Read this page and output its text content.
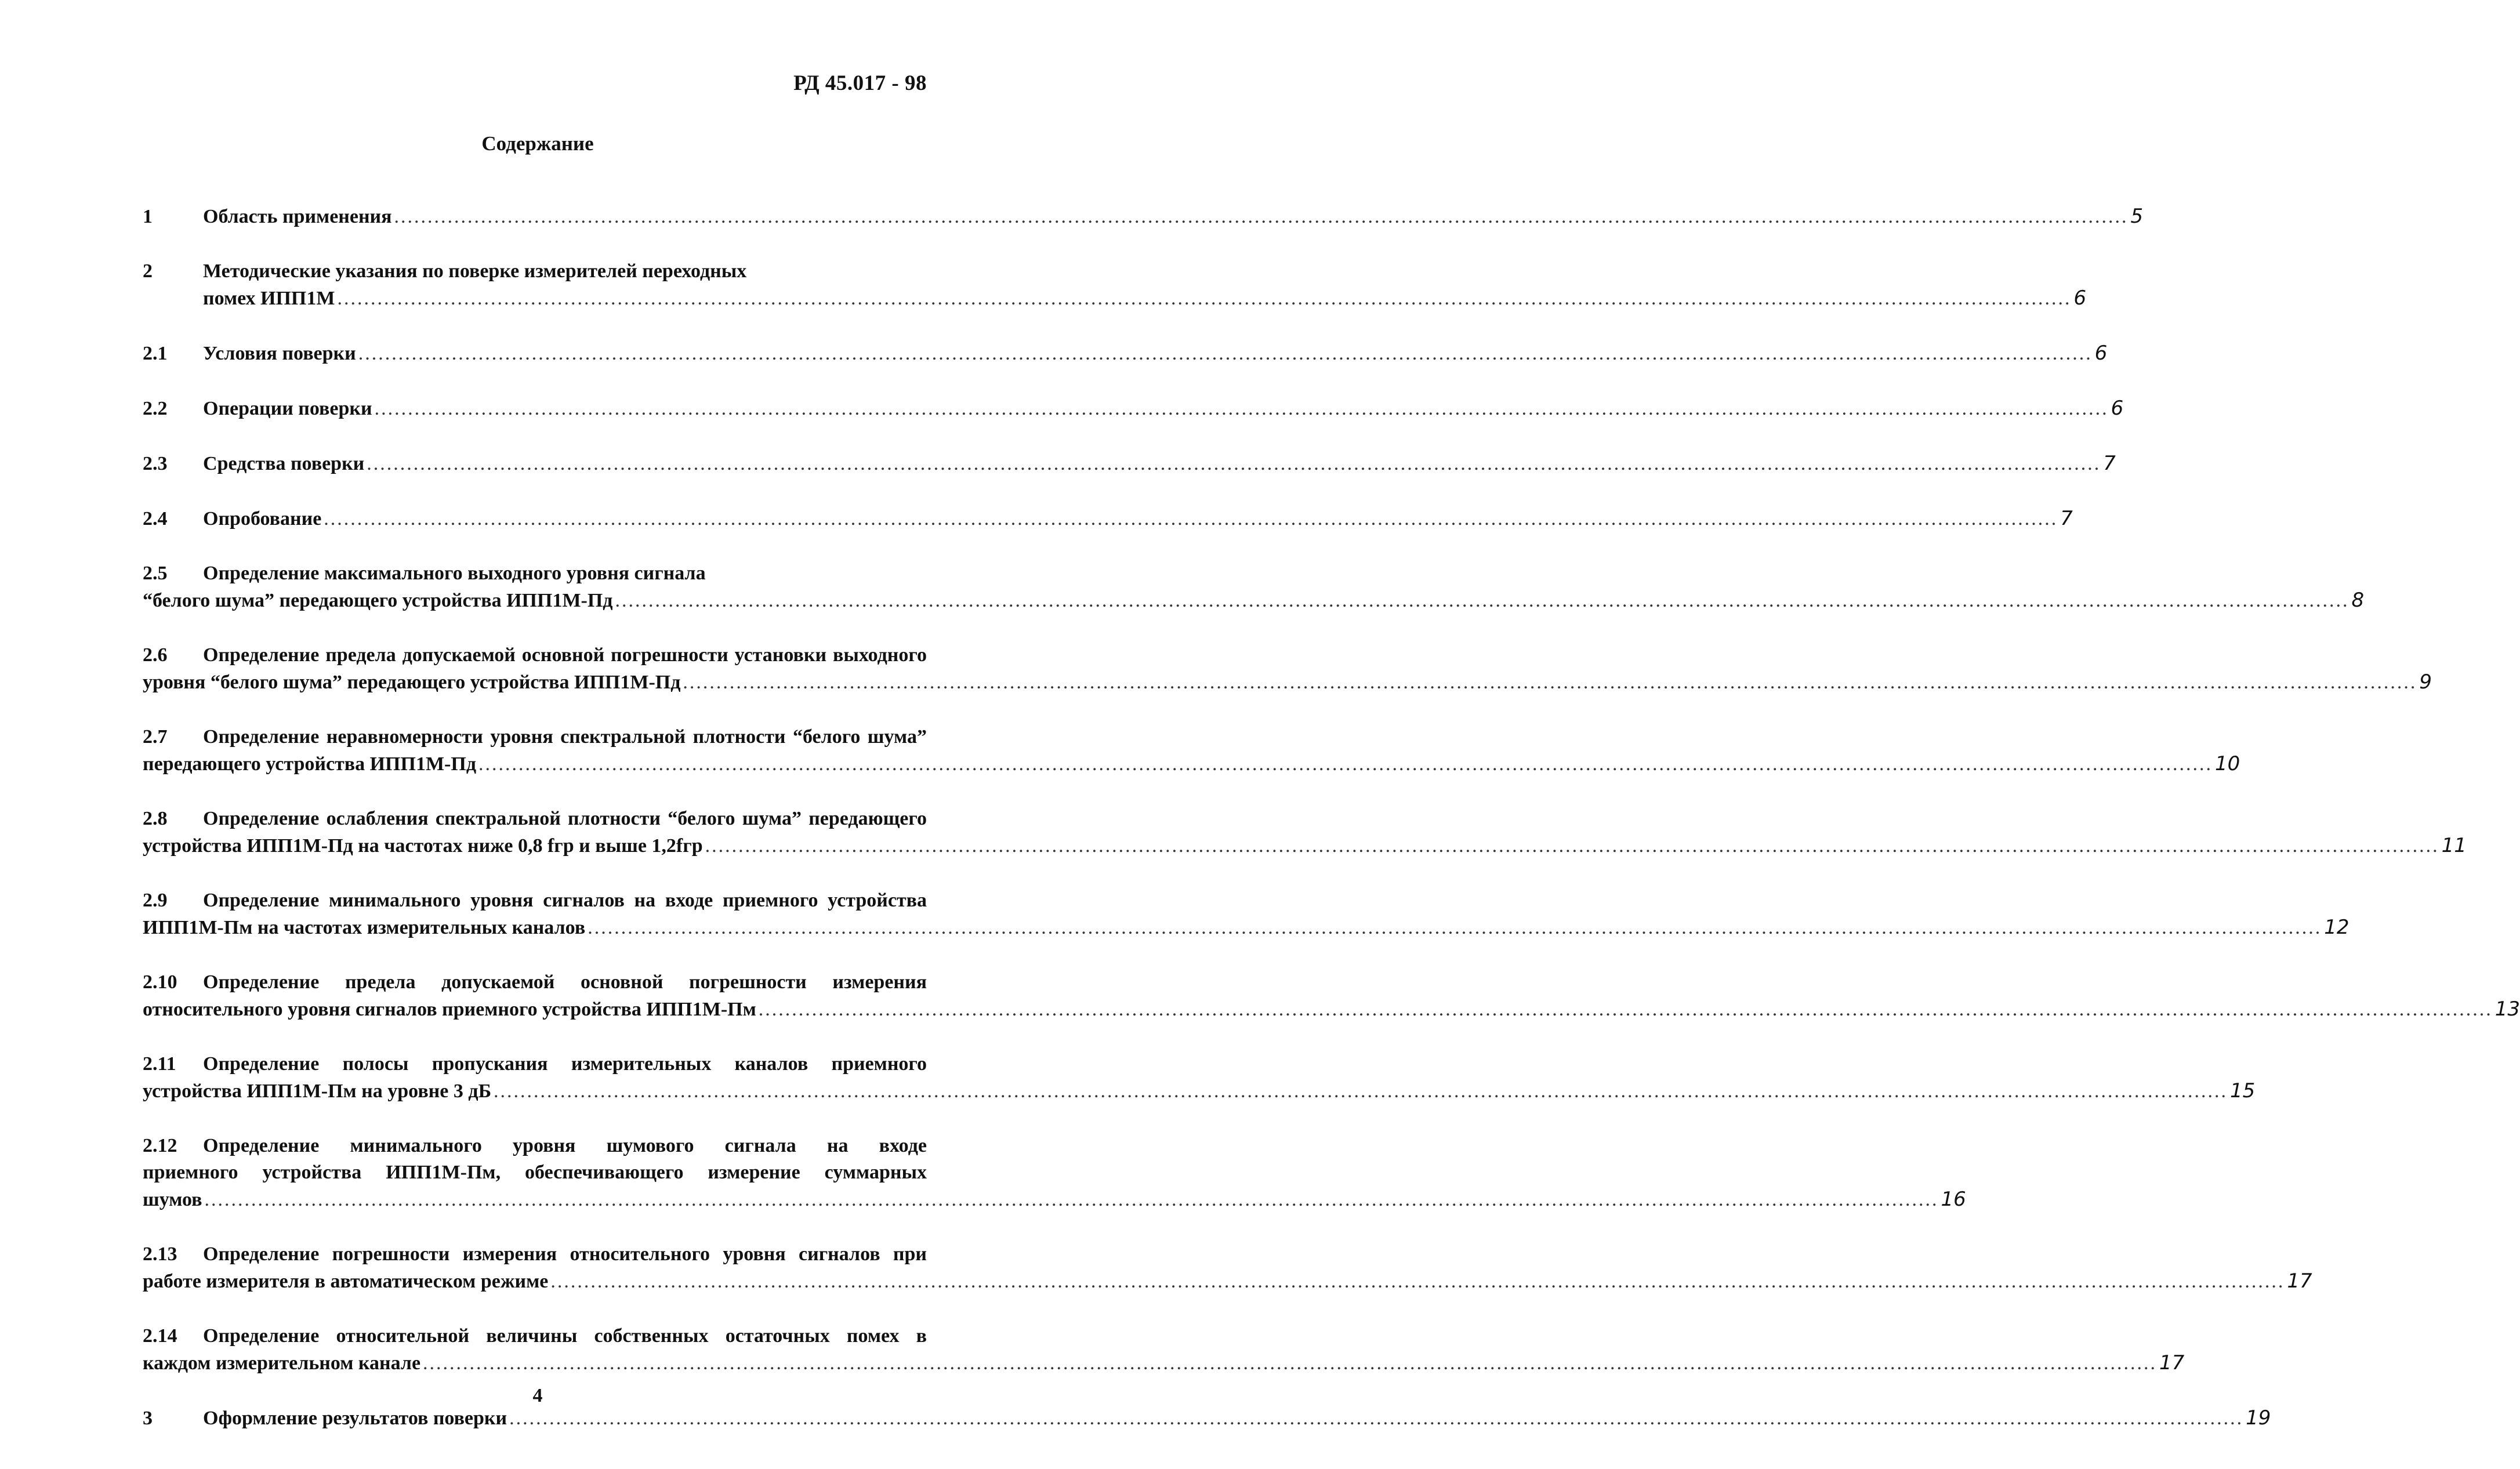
РД 45.017 - 98
Содержание
1	Область применения .....	5
2	Методические указания по поверке измерителей переходных
помех ИПП1М .....	6
2.1	Условия поверки .....	6
2.2	Операции поверки .....	6
2.3	Средства поверки .....	7
2.4	Опробование .....	7
2.5	Определение максимального выходного уровня сигнала
“белого шума” передающего устройства ИПП1М-Пд .....	8
2.6 Определение предела допускаемой основной погрешности установки выходного
уровня “белого шума” передающего устройства ИПП1М-Пд .....	9
2.7 Определение неравномерности уровня спектральной плотности “белого шума”
передающего устройства ИПП1М-Пд .....	10
2.8 Определение ослабления спектральной плотности “белого шума” передающего
устройства ИПП1М-Пд на частотах ниже 0,8 fгр и выше 1,2fгр .....	11
2.9 Определение минимального уровня сигналов на входе приемного устройства
ИПП1М-Пм на частотах измерительных каналов .....	12
2.10 Определение предела допускаемой основной погрешности измерения
относительного уровня сигналов приемного устройства ИПП1М-Пм .....	13
2.11 Определение полосы пропускания измерительных каналов приемного
устройства ИПП1М-Пм на уровне 3 дБ .....	15
2.12 Определение минимального уровня шумового сигнала на входе
приемного устройства ИПП1М-Пм, обеспечивающего измерение суммарных
шумов .....	16
2.13 Определение погрешности измерения относительного уровня сигналов при
работе измерителя в автоматическом режиме .....	17
2.14 Определение относительной величины собственных остаточных помех в
каждом измерительном канале .....	17
3	Оформление результатов поверки .....	19
4
